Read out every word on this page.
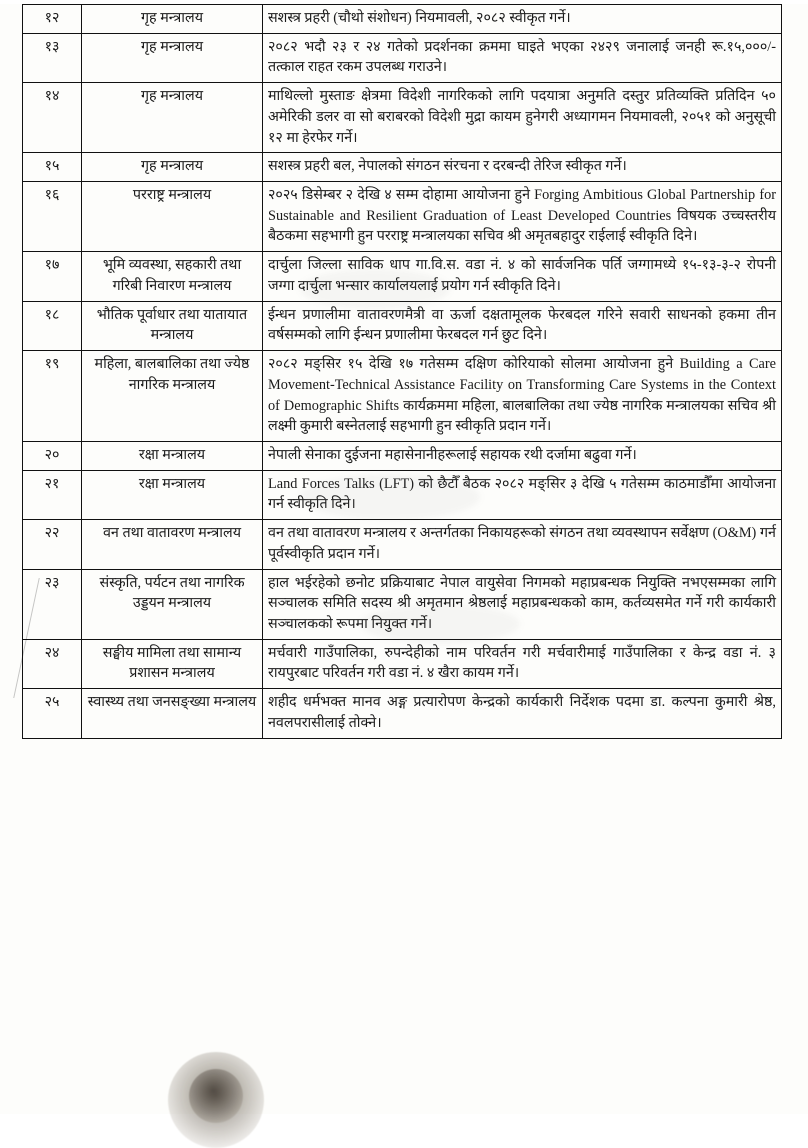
१२	गृह मन्त्रालय	सशस्त्र प्रहरी (चौथो संशोधन) नियमावली, २०८२ स्वीकृत गर्ने।
१३	गृह मन्त्रालय	२०८२ भदौ २३ र २४ गतेको प्रदर्शनका क्रममा घाइते भएका २४२९ जनालाई जनही रू.१५,०००/- तत्काल राहत रकम उपलब्ध गराउने।
१४	गृह मन्त्रालय	माथिल्लो मुस्ताङ क्षेत्रमा विदेशी नागरिकको लागि पदयात्रा अनुमति दस्तुर प्रतिव्यक्ति प्रतिदिन ५० अमेरिकी डलर वा सो बराबरको विदेशी मुद्रा कायम हुनेगरी अध्यागमन नियमावली, २०५१ को अनुसूची १२ मा हेरफेर गर्ने।
१५	गृह मन्त्रालय	सशस्त्र प्रहरी बल, नेपालको संगठन संरचना र दरबन्दी तेरिज स्वीकृत गर्ने।
१६	परराष्ट्र मन्त्रालय	२०२५ डिसेम्बर २ देखि ४ सम्म दोहामा आयोजना हुने Forging Ambitious Global Partnership for Sustainable and Resilient Graduation of Least Developed Countries विषयक उच्चस्तरीय बैठकमा सहभागी हुन परराष्ट्र मन्त्रालयका सचिव श्री अमृतबहादुर राईलाई स्वीकृति दिने।
१७	भूमि व्यवस्था, सहकारी तथा गरिबी निवारण मन्त्रालय	दार्चुला जिल्ला साविक धाप गा.वि.स. वडा नं. ४ को सार्वजनिक पर्ति जग्गामध्ये १५-१३-३-२ रोपनी जग्गा दार्चुला भन्सार कार्यालयलाई प्रयोग गर्न स्वीकृति दिने।
१८	भौतिक पूर्वाधार तथा यातायात मन्त्रालय	ईन्धन प्रणालीमा वातावरणमैत्री वा ऊर्जा दक्षतामूलक फेरबदल गरिने सवारी साधनको हकमा तीन वर्षसम्मको लागि ईन्धन प्रणालीमा फेरबदल गर्न छुट दिने।
१९	महिला, बालबालिका तथा ज्येष्ठ नागरिक मन्त्रालय	२०८२ मङ्सिर १५ देखि १७ गतेसम्म दक्षिण कोरियाको सोलमा आयोजना हुने Building a Care Movement-Technical Assistance Facility on Transforming Care Systems in the Context of Demographic Shifts कार्यक्रममा महिला, बालबालिका तथा ज्येष्ठ नागरिक मन्त्रालयका सचिव श्री लक्ष्मी कुमारी बस्नेतलाई सहभागी हुन स्वीकृति प्रदान गर्ने।
२०	रक्षा मन्त्रालय	नेपाली सेनाका दुईजना महासेनानीहरूलाई सहायक रथी दर्जामा बढुवा गर्ने।
२१	रक्षा मन्त्रालय	Land Forces Talks (LFT) को छैटौँ बैठक २०८२ मङ्सिर ३ देखि ५ गतेसम्म काठमाडौँमा आयोजना गर्न स्वीकृति दिने।
२२	वन तथा वातावरण मन्त्रालय	वन तथा वातावरण मन्त्रालय र अन्तर्गतका निकायहरूको संगठन तथा व्यवस्थापन सर्वेक्षण (O&M) गर्न पूर्वस्वीकृति प्रदान गर्ने।
२३	संस्कृति, पर्यटन तथा नागरिक उड्डयन मन्त्रालय	हाल भईरहेको छनोट प्रक्रियाबाट नेपाल वायुसेवा निगमको महाप्रबन्धक नियुक्ति नभएसम्मका लागि सञ्चालक समिति सदस्य श्री अमृतमान श्रेष्ठलाई महाप्रबन्धकको काम, कर्तव्यसमेत गर्ने गरी कार्यकारी सञ्चालकको रूपमा नियुक्त गर्ने।
२४	सङ्घीय मामिला तथा सामान्य प्रशासन मन्त्रालय	मर्चवारी गाउँपालिका, रुपन्देहीको नाम परिवर्तन गरी मर्चवारीमाई गाउँपालिका र केन्द्र वडा नं. ३ रायपुरबाट परिवर्तन गरी वडा नं. ४ खैरा कायम गर्ने।
२५	स्वास्थ्य तथा जनसङ्ख्या मन्त्रालय	शहीद धर्मभक्त मानव अङ्ग प्रत्यारोपण केन्द्रको कार्यकारी निर्देशक पदमा डा. कल्पना कुमारी श्रेष्ठ, नवलपरासीलाई तोक्ने।
